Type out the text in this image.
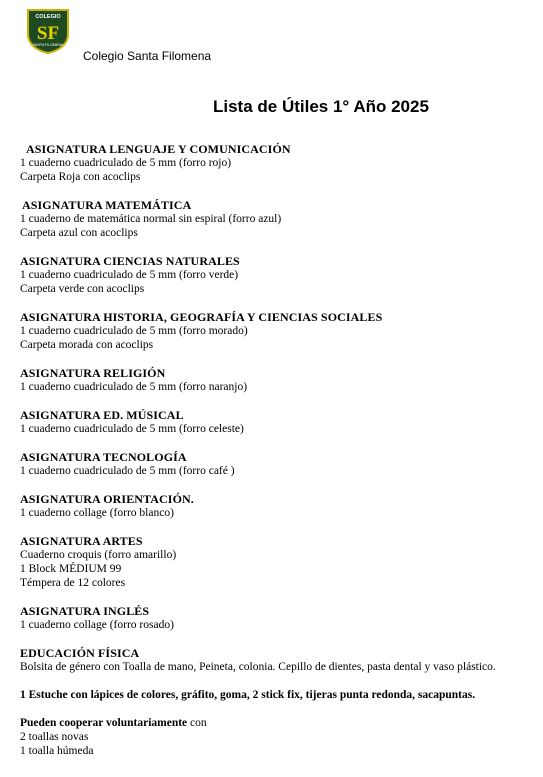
COLEGIO
SF
SANTA FILOMENA
Colegio Santa Filomena
Lista de Útiles 1° Año 2025
ASIGNATURA LENGUAJE Y COMUNICACIÓN
1 cuaderno cuadriculado de 5 mm (forro rojo)
Carpeta Roja con acoclips
ASIGNATURA MATEMÁTICA
1 cuaderno de matemática normal sin espiral (forro azul)
Carpeta azul con acoclips
ASIGNATURA CIENCIAS NATURALES
1 cuaderno cuadriculado de 5 mm (forro verde)
Carpeta verde con acoclips
ASIGNATURA HISTORIA, GEOGRAFÍA Y CIENCIAS SOCIALES
1 cuaderno cuadriculado de 5 mm (forro morado)
Carpeta morada con acoclips
ASIGNATURA RELIGIÓN
1 cuaderno cuadriculado de 5 mm (forro naranjo)
ASIGNATURA ED. MÚSICAL
1 cuaderno cuadriculado de 5 mm (forro celeste)
ASIGNATURA TECNOLOGÍA
1 cuaderno cuadriculado de 5 mm (forro café )
ASIGNATURA ORIENTACIÓN.
1 cuaderno collage (forro blanco)
ASIGNATURA ARTES
Cuaderno croquis (forro amarillo)
1 Block MÉDIUM 99
Témpera de 12 colores
ASIGNATURA INGLÉS
1 cuaderno collage (forro rosado)
EDUCACIÓN FÍSICA
Bolsita de género con Toalla de mano, Peineta, colonia. Cepillo de dientes, pasta dental y vaso plástico.
1 Estuche con lápices de colores, gráfito, goma, 2 stick fix, tijeras punta redonda, sacapuntas.
Pueden cooperar voluntariamente con
2 toallas novas
1 toalla húmeda
